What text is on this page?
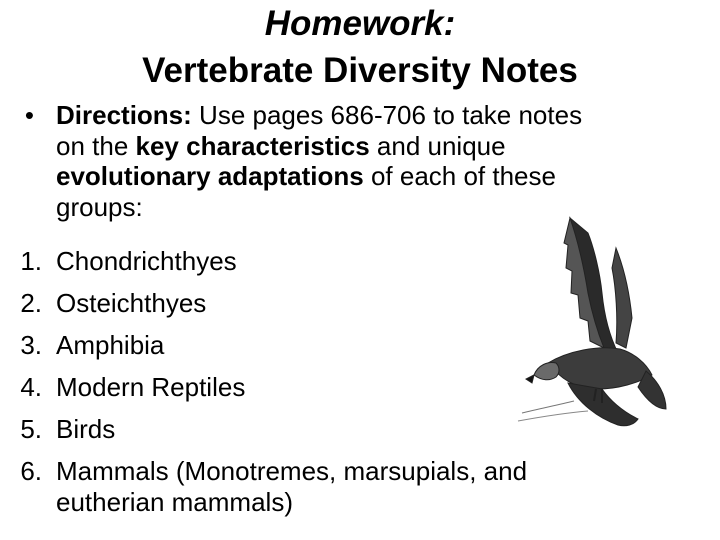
Homework:
Vertebrate Diversity Notes
• Directions: Use pages 686-706 to take notes
on the key characteristics and unique
evolutionary adaptations of each of these
groups:
1. Chondrichthyes
2. Osteichthyes
3. Amphibia
4. Modern Reptiles
5. Birds
6. Mammals (Monotremes, marsupials, and
eutherian mammals)
